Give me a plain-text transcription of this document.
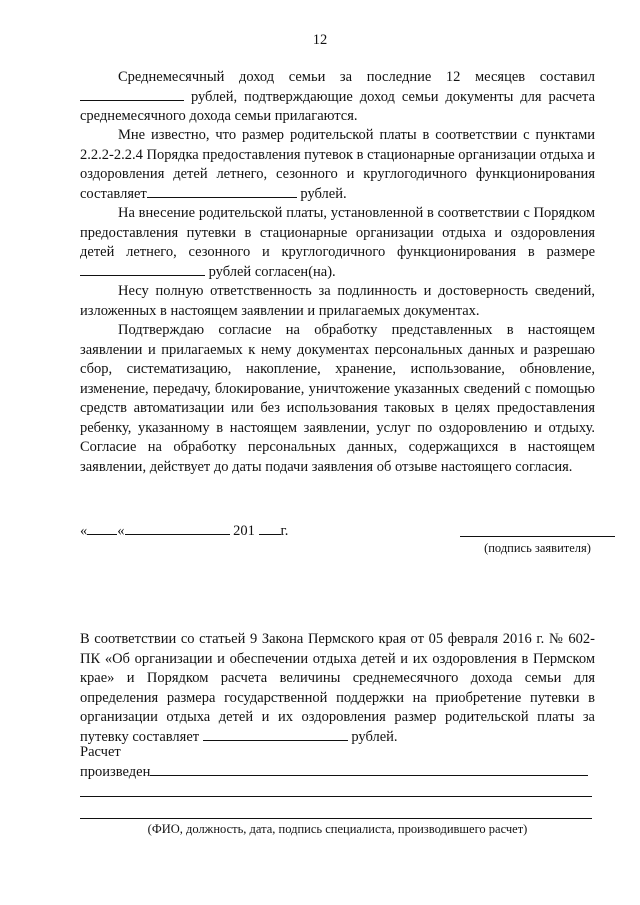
12

Среднемесячный доход семьи за последние 12 месяцев составил  рублей, подтверждающие доход семьи документы для расчета среднемесячного дохода семьи прилагаются.

Мне известно, что размер родительской платы в соответствии с пунктами 2.2.2-2.2.4 Порядка предоставления путевок в стационарные организации отдыха и оздоровления детей летнего, сезонного и круглогодичного функционирования составляет	рублей.

На внесение родительской платы, установленной в соответствии с Порядком предоставления путевки в стационарные организации отдыха и оздоровления детей летнего, сезонного и круглогодичного функционирования в размере  рублей согласен(на).

Несу полную ответственность за подлинность и достоверность сведений, изложенных в настоящем заявлении и прилагаемых документах.

Подтверждаю согласие на обработку представленных в настоящем заявлении и прилагаемых к нему документах персональных данных и разрешаю сбор, систематизацию, накопление, хранение, использование, обновление, изменение, передачу, блокирование, уничтожение указанных сведений с помощью средств автоматизации или без использования таковых в целях предоставления ребенку, указанному в настоящем заявлении, услуг по оздоровлению и отдыху. Согласие на обработку персональных данных, содержащихся в настоящем заявлении, действует до даты подачи заявления об отзыве настоящего согласия.

« «	201 г.
(подпись заявителя)

В соответствии со статьей 9 Закона Пермского края от 05 февраля 2016 г. № 602-ПК «Об организации и обеспечении отдыха детей и их оздоровления в Пермском крае» и Порядком расчета величины среднемесячного дохода семьи для определения размера государственной поддержки на приобретение путевки в организации отдыха детей и их оздоровления размер родительской платы за путевку составляет	рублей.

Расчет
произведен
(ФИО, должность, дата, подпись специалиста, производившего расчет)
